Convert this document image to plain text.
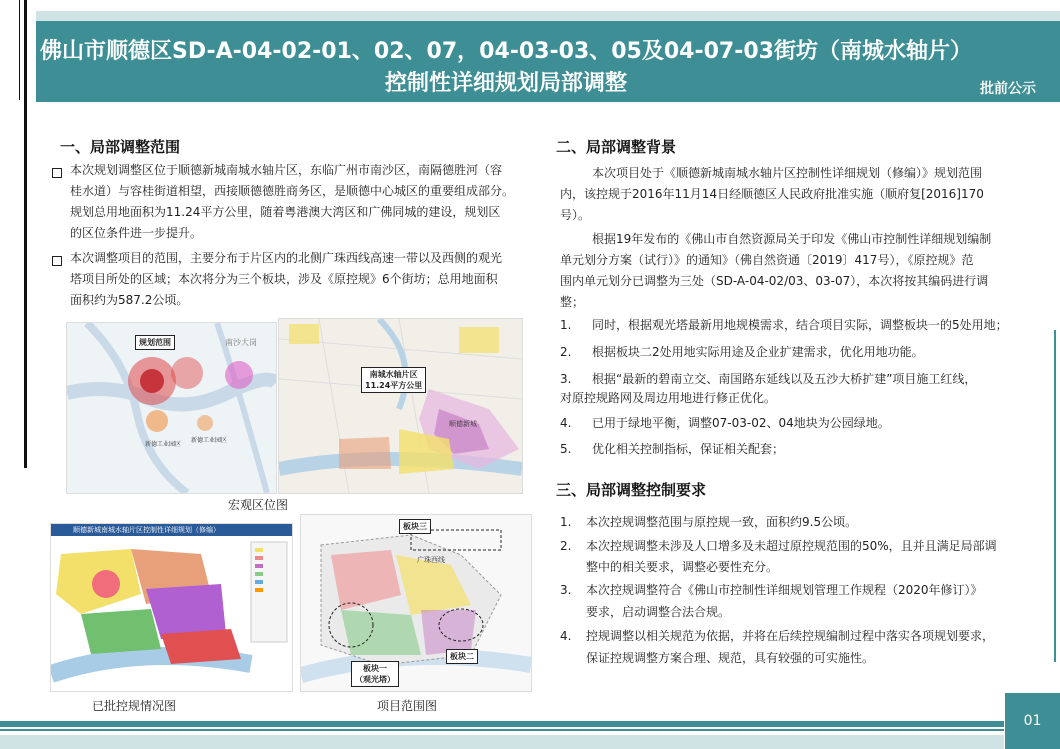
佛山市顺德区SD-A-04-02-01、02、07，04-03-03、05及04-07-03街坊（南城水轴片）
控制性详细规划局部调整	批前公示
一、局部调整范围
本次规划调整区位于顺德新城南城水轴片区，东临广州市南沙区，南隔德胜河（容
桂水道）与容桂街道相望，西接顺德德胜商务区，是顺德中心城区的重要组成部分。
规划总用地面积为11.24平方公里，随着粤港澳大湾区和广佛同城的建设，规划区
的区位条件进一步提升。
本次调整项目的范围，主要分布于片区内的北侧广珠西线高速一带以及西侧的观光
塔项目所处的区域；本次将分为三个板块，涉及《原控规》6个街坊；总用地面积
面积约为587.2公顷。
规划范围	南沙大岗
新德工业园区
新德工业园区
南城水轴片区
11.24平方公里
顺德新城
宏观区位图
顺德新城南城水轴片区控制性详细规划（修编）
已批控规情况图
板块三
广珠西线
板块一
（观光塔）
板块二
项目范围图
二、局部调整背景
本次项目处于《顺德新城南城水轴片区控制性详细规划（修编）》规划范围
内，该控规于2016年11月14日经顺德区人民政府批准实施（顺府复[2016]170
号）。
根据19年发布的《佛山市自然资源局关于印发《佛山市控制性详细规划编制
单元划分方案（试行）》的通知》（佛自然资通〔2019〕417号），《原控规》范
围内单元划分已调整为三处（SD-A-04-02/03、03-07），本次将按其编码进行调
整；
1. 同时，根据观光塔最新用地规模需求，结合项目实际，调整板块一的5处用地；
2. 根据板块二2处用地实际用途及企业扩建需求，优化用地功能。
3. 根据“最新的碧南立交、南国路东延线以及五沙大桥扩建”项目施工红线，
对原控规路网及周边用地进行修正优化。
4. 已用于绿地平衡，调整07-03-02、04地块为公园绿地。
5. 优化相关控制指标，保证相关配套；
三、局部调整控制要求
1. 本次控规调整范围与原控规一致，面积约9.5公顷。
2. 本次控规调整未涉及人口增多及未超过原控规范围的50%，且并且满足局部调
整中的相关要求，调整必要性充分。
3. 本次控规调整符合《佛山市控制性详细规划管理工作规程（2020年修订）》
要求，启动调整合法合规。
4. 控规调整以相关规范为依据，并将在后续控规编制过程中落实各项规划要求，
保证控规调整方案合理、规范，具有较强的可实施性。
01
